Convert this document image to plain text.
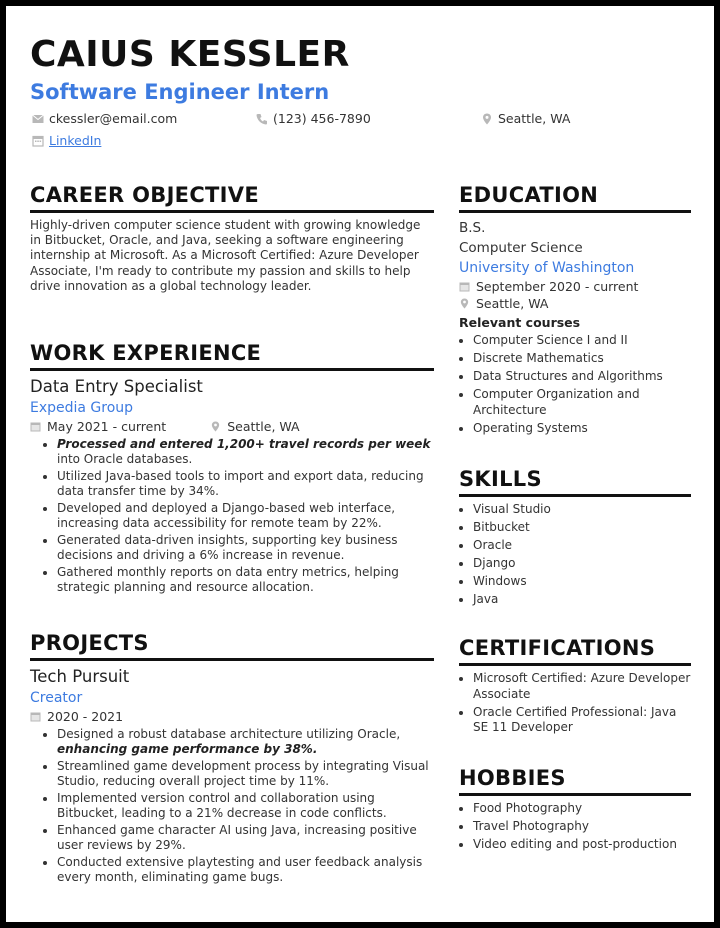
CAIUS KESSLER
Software Engineer Intern
ckessler@email.com	(123) 456-7890	Seattle, WA
LinkedIn
CAREER OBJECTIVE
Highly-driven computer science student with growing knowledge in Bitbucket, Oracle, and Java, seeking a software engineering internship at Microsoft. As a Microsoft Certified: Azure Developer Associate, I'm ready to contribute my passion and skills to help drive innovation as a global technology leader.
WORK EXPERIENCE
Data Entry Specialist
Expedia Group
May 2021 - current	Seattle, WA
• Processed and entered 1,200+ travel records per week into Oracle databases.
• Utilized Java-based tools to import and export data, reducing data transfer time by 34%.
• Developed and deployed a Django-based web interface, increasing data accessibility for remote team by 22%.
• Generated data-driven insights, supporting key business decisions and driving a 6% increase in revenue.
• Gathered monthly reports on data entry metrics, helping strategic planning and resource allocation.
PROJECTS
Tech Pursuit
Creator
2020 - 2021
• Designed a robust database architecture utilizing Oracle, enhancing game performance by 38%.
• Streamlined game development process by integrating Visual Studio, reducing overall project time by 11%.
• Implemented version control and collaboration using Bitbucket, leading to a 21% decrease in code conflicts.
• Enhanced game character AI using Java, increasing positive user reviews by 29%.
• Conducted extensive playtesting and user feedback analysis every month, eliminating game bugs.
EDUCATION
B.S.
Computer Science
University of Washington
September 2020 - current
Seattle, WA
Relevant courses
• Computer Science I and II
• Discrete Mathematics
• Data Structures and Algorithms
• Computer Organization and Architecture
• Operating Systems
SKILLS
• Visual Studio
• Bitbucket
• Oracle
• Django
• Windows
• Java
CERTIFICATIONS
• Microsoft Certified: Azure Developer Associate
• Oracle Certified Professional: Java SE 11 Developer
HOBBIES
• Food Photography
• Travel Photography
• Video editing and post-production
